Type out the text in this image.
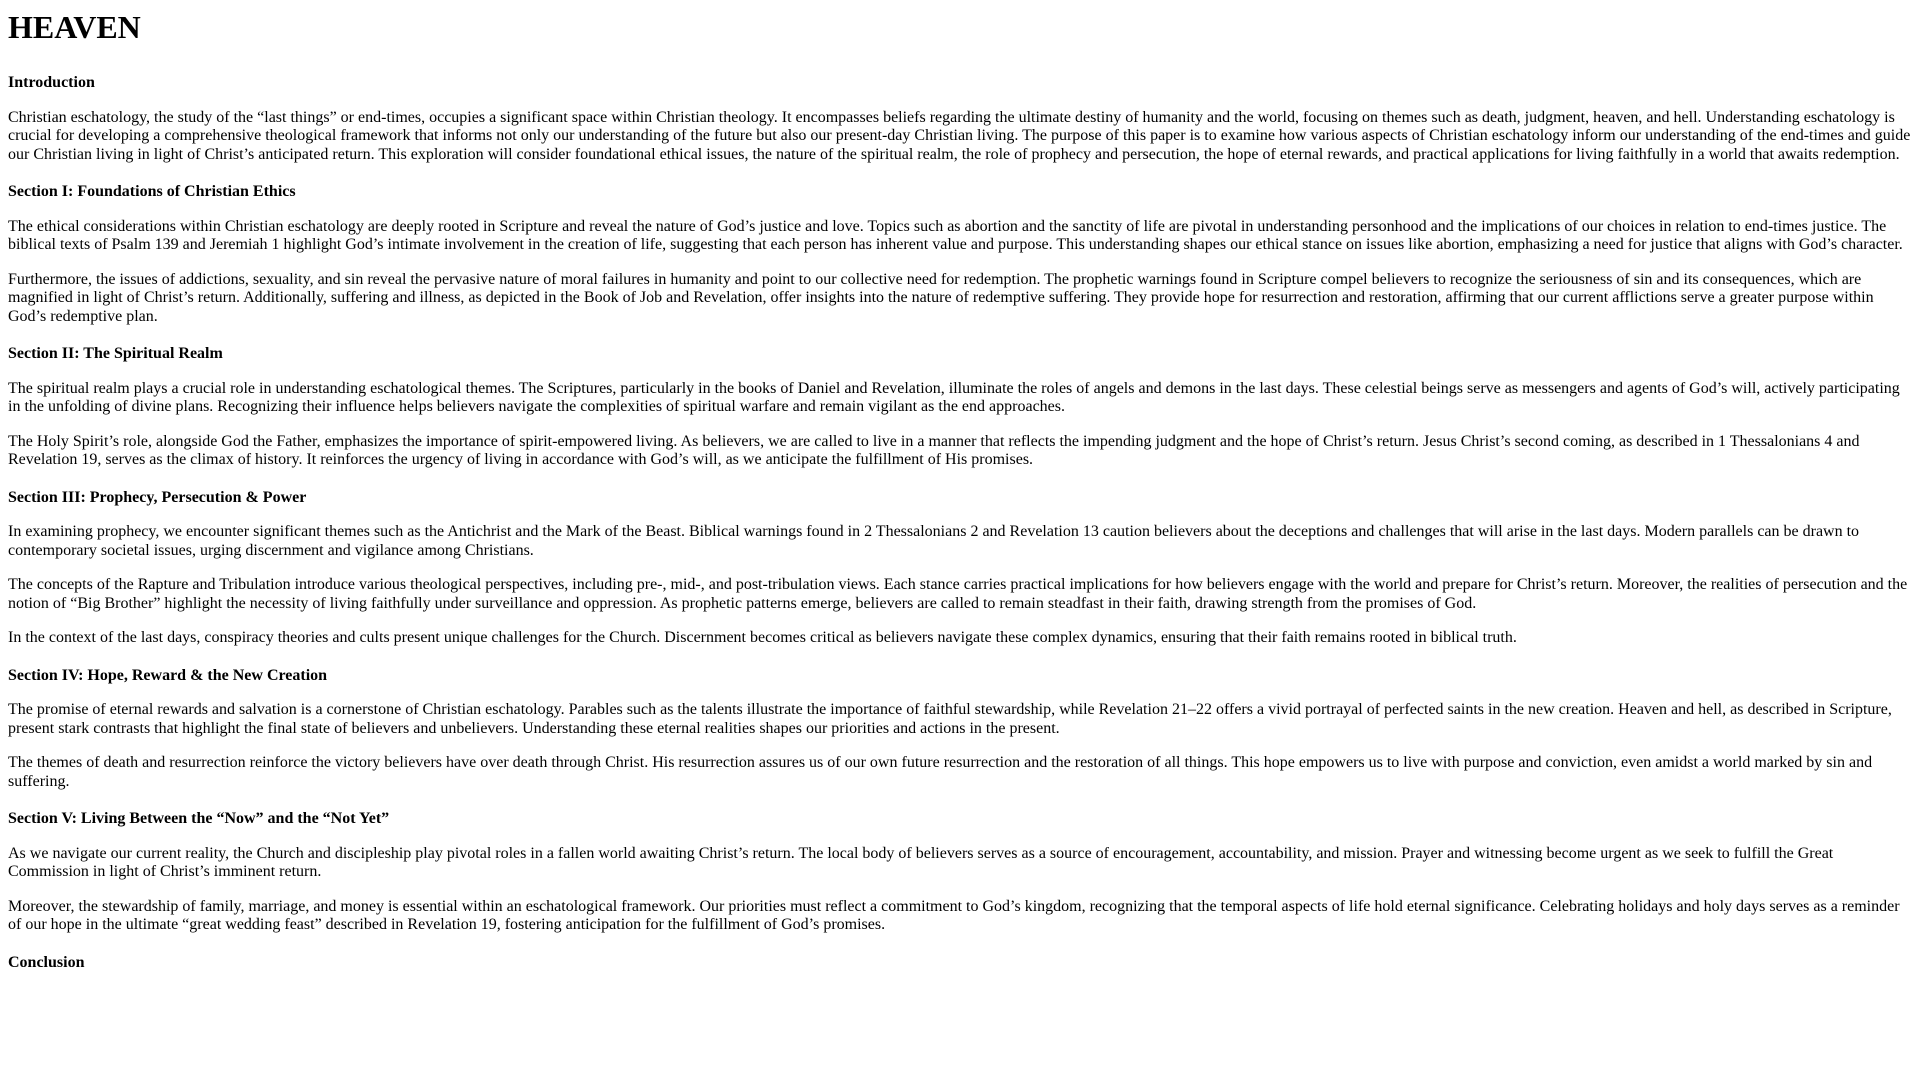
HEAVEN
Introduction

Christian eschatology, the study of the “last things” or end-times, occupies a significant space within Christian theology. It encompasses beliefs regarding the ultimate destiny of humanity and the world, focusing on themes such as death, judgment, heaven, and hell. Understanding eschatology is crucial for developing a comprehensive theological framework that informs not only our understanding of the future but also our present-day Christian living. The purpose of this paper is to examine how various aspects of Christian eschatology inform our understanding of the end-times and guide our Christian living in light of Christ’s anticipated return. This exploration will consider foundational ethical issues, the nature of the spiritual realm, the role of prophecy and persecution, the hope of eternal rewards, and practical applications for living faithfully in a world that awaits redemption.

Section I: Foundations of Christian Ethics

The ethical considerations within Christian eschatology are deeply rooted in Scripture and reveal the nature of God’s justice and love. Topics such as abortion and the sanctity of life are pivotal in understanding personhood and the implications of our choices in relation to end-times justice. The biblical texts of Psalm 139 and Jeremiah 1 highlight God’s intimate involvement in the creation of life, suggesting that each person has inherent value and purpose. This understanding shapes our ethical stance on issues like abortion, emphasizing a need for justice that aligns with God’s character.

Furthermore, the issues of addictions, sexuality, and sin reveal the pervasive nature of moral failures in humanity and point to our collective need for redemption. The prophetic warnings found in Scripture compel believers to recognize the seriousness of sin and its consequences, which are magnified in light of Christ’s return. Additionally, suffering and illness, as depicted in the Book of Job and Revelation, offer insights into the nature of redemptive suffering. They provide hope for resurrection and restoration, affirming that our current afflictions serve a greater purpose within God’s redemptive plan.

Section II: The Spiritual Realm

The spiritual realm plays a crucial role in understanding eschatological themes. The Scriptures, particularly in the books of Daniel and Revelation, illuminate the roles of angels and demons in the last days. These celestial beings serve as messengers and agents of God’s will, actively participating in the unfolding of divine plans. Recognizing their influence helps believers navigate the complexities of spiritual warfare and remain vigilant as the end approaches.

The Holy Spirit’s role, alongside God the Father, emphasizes the importance of spirit-empowered living. As believers, we are called to live in a manner that reflects the impending judgment and the hope of Christ’s return. Jesus Christ’s second coming, as described in 1 Thessalonians 4 and Revelation 19, serves as the climax of history. It reinforces the urgency of living in accordance with God’s will, as we anticipate the fulfillment of His promises.

Section III: Prophecy, Persecution & Power

In examining prophecy, we encounter significant themes such as the Antichrist and the Mark of the Beast. Biblical warnings found in 2 Thessalonians 2 and Revelation 13 caution believers about the deceptions and challenges that will arise in the last days. Modern parallels can be drawn to contemporary societal issues, urging discernment and vigilance among Christians.

The concepts of the Rapture and Tribulation introduce various theological perspectives, including pre-, mid-, and post-tribulation views. Each stance carries practical implications for how believers engage with the world and prepare for Christ’s return. Moreover, the realities of persecution and the notion of “Big Brother” highlight the necessity of living faithfully under surveillance and oppression. As prophetic patterns emerge, believers are called to remain steadfast in their faith, drawing strength from the promises of God.

In the context of the last days, conspiracy theories and cults present unique challenges for the Church. Discernment becomes critical as believers navigate these complex dynamics, ensuring that their faith remains rooted in biblical truth.

Section IV: Hope, Reward & the New Creation

The promise of eternal rewards and salvation is a cornerstone of Christian eschatology. Parables such as the talents illustrate the importance of faithful stewardship, while Revelation 21–22 offers a vivid portrayal of perfected saints in the new creation. Heaven and hell, as described in Scripture, present stark contrasts that highlight the final state of believers and unbelievers. Understanding these eternal realities shapes our priorities and actions in the present.

The themes of death and resurrection reinforce the victory believers have over death through Christ. His resurrection assures us of our own future resurrection and the restoration of all things. This hope empowers us to live with purpose and conviction, even amidst a world marked by sin and suffering.

Section V: Living Between the “Now” and the “Not Yet”

As we navigate our current reality, the Church and discipleship play pivotal roles in a fallen world awaiting Christ’s return. The local body of believers serves as a source of encouragement, accountability, and mission. Prayer and witnessing become urgent as we seek to fulfill the Great Commission in light of Christ’s imminent return.

Moreover, the stewardship of family, marriage, and money is essential within an eschatological framework. Our priorities must reflect a commitment to God’s kingdom, recognizing that the temporal aspects of life hold eternal significance. Celebrating holidays and holy days serves as a reminder of our hope in the ultimate “great wedding feast” described in Revelation 19, fostering anticipation for the fulfillment of God’s promises.

Conclusion
